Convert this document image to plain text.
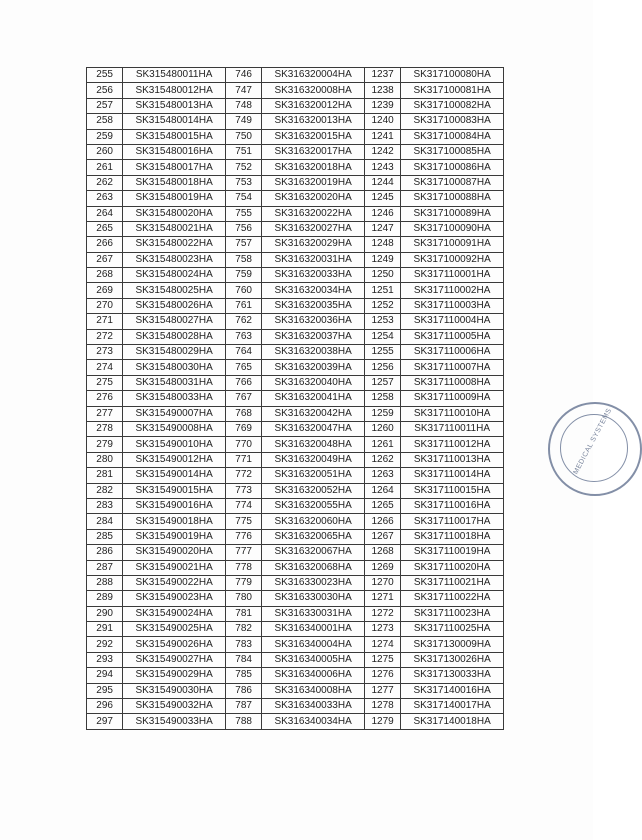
255	SK315480011HA	746	SK316320004HA	1237	SK317100080HA
256	SK315480012HA	747	SK316320008HA	1238	SK317100081HA
257	SK315480013HA	748	SK316320012HA	1239	SK317100082HA
258	SK315480014HA	749	SK316320013HA	1240	SK317100083HA
259	SK315480015HA	750	SK316320015HA	1241	SK317100084HA
260	SK315480016HA	751	SK316320017HA	1242	SK317100085HA
261	SK315480017HA	752	SK316320018HA	1243	SK317100086HA
262	SK315480018HA	753	SK316320019HA	1244	SK317100087HA
263	SK315480019HA	754	SK316320020HA	1245	SK317100088HA
264	SK315480020HA	755	SK316320022HA	1246	SK317100089HA
265	SK315480021HA	756	SK316320027HA	1247	SK317100090HA
266	SK315480022HA	757	SK316320029HA	1248	SK317100091HA
267	SK315480023HA	758	SK316320031HA	1249	SK317100092HA
268	SK315480024HA	759	SK316320033HA	1250	SK317110001HA
269	SK315480025HA	760	SK316320034HA	1251	SK317110002HA
270	SK315480026HA	761	SK316320035HA	1252	SK317110003HA
271	SK315480027HA	762	SK316320036HA	1253	SK317110004HA
272	SK315480028HA	763	SK316320037HA	1254	SK317110005HA
273	SK315480029HA	764	SK316320038HA	1255	SK317110006HA
274	SK315480030HA	765	SK316320039HA	1256	SK317110007HA
275	SK315480031HA	766	SK316320040HA	1257	SK317110008HA
276	SK315480033HA	767	SK316320041HA	1258	SK317110009HA
277	SK315490007HA	768	SK316320042HA	1259	SK317110010HA
278	SK315490008HA	769	SK316320047HA	1260	SK317110011HA
279	SK315490010HA	770	SK316320048HA	1261	SK317110012HA
280	SK315490012HA	771	SK316320049HA	1262	SK317110013HA
281	SK315490014HA	772	SK316320051HA	1263	SK317110014HA
282	SK315490015HA	773	SK316320052HA	1264	SK317110015HA
283	SK315490016HA	774	SK316320055HA	1265	SK317110016HA
284	SK315490018HA	775	SK316320060HA	1266	SK317110017HA
285	SK315490019HA	776	SK316320065HA	1267	SK317110018HA
286	SK315490020HA	777	SK316320067HA	1268	SK317110019HA
287	SK315490021HA	778	SK316320068HA	1269	SK317110020HA
288	SK315490022HA	779	SK316330023HA	1270	SK317110021HA
289	SK315490023HA	780	SK316330030HA	1271	SK317110022HA
290	SK315490024HA	781	SK316330031HA	1272	SK317110023HA
291	SK315490025HA	782	SK316340001HA	1273	SK317110025HA
292	SK315490026HA	783	SK316340004HA	1274	SK317130009HA
293	SK315490027HA	784	SK316340005HA	1275	SK317130026HA
294	SK315490029HA	785	SK316340006HA	1276	SK317130033HA
295	SK315490030HA	786	SK316340008HA	1277	SK317140016HA
296	SK315490032HA	787	SK316340033HA	1278	SK317140017HA
297	SK315490033HA	788	SK316340034HA	1279	SK317140018HA
MEDICAL SYSTEMS
